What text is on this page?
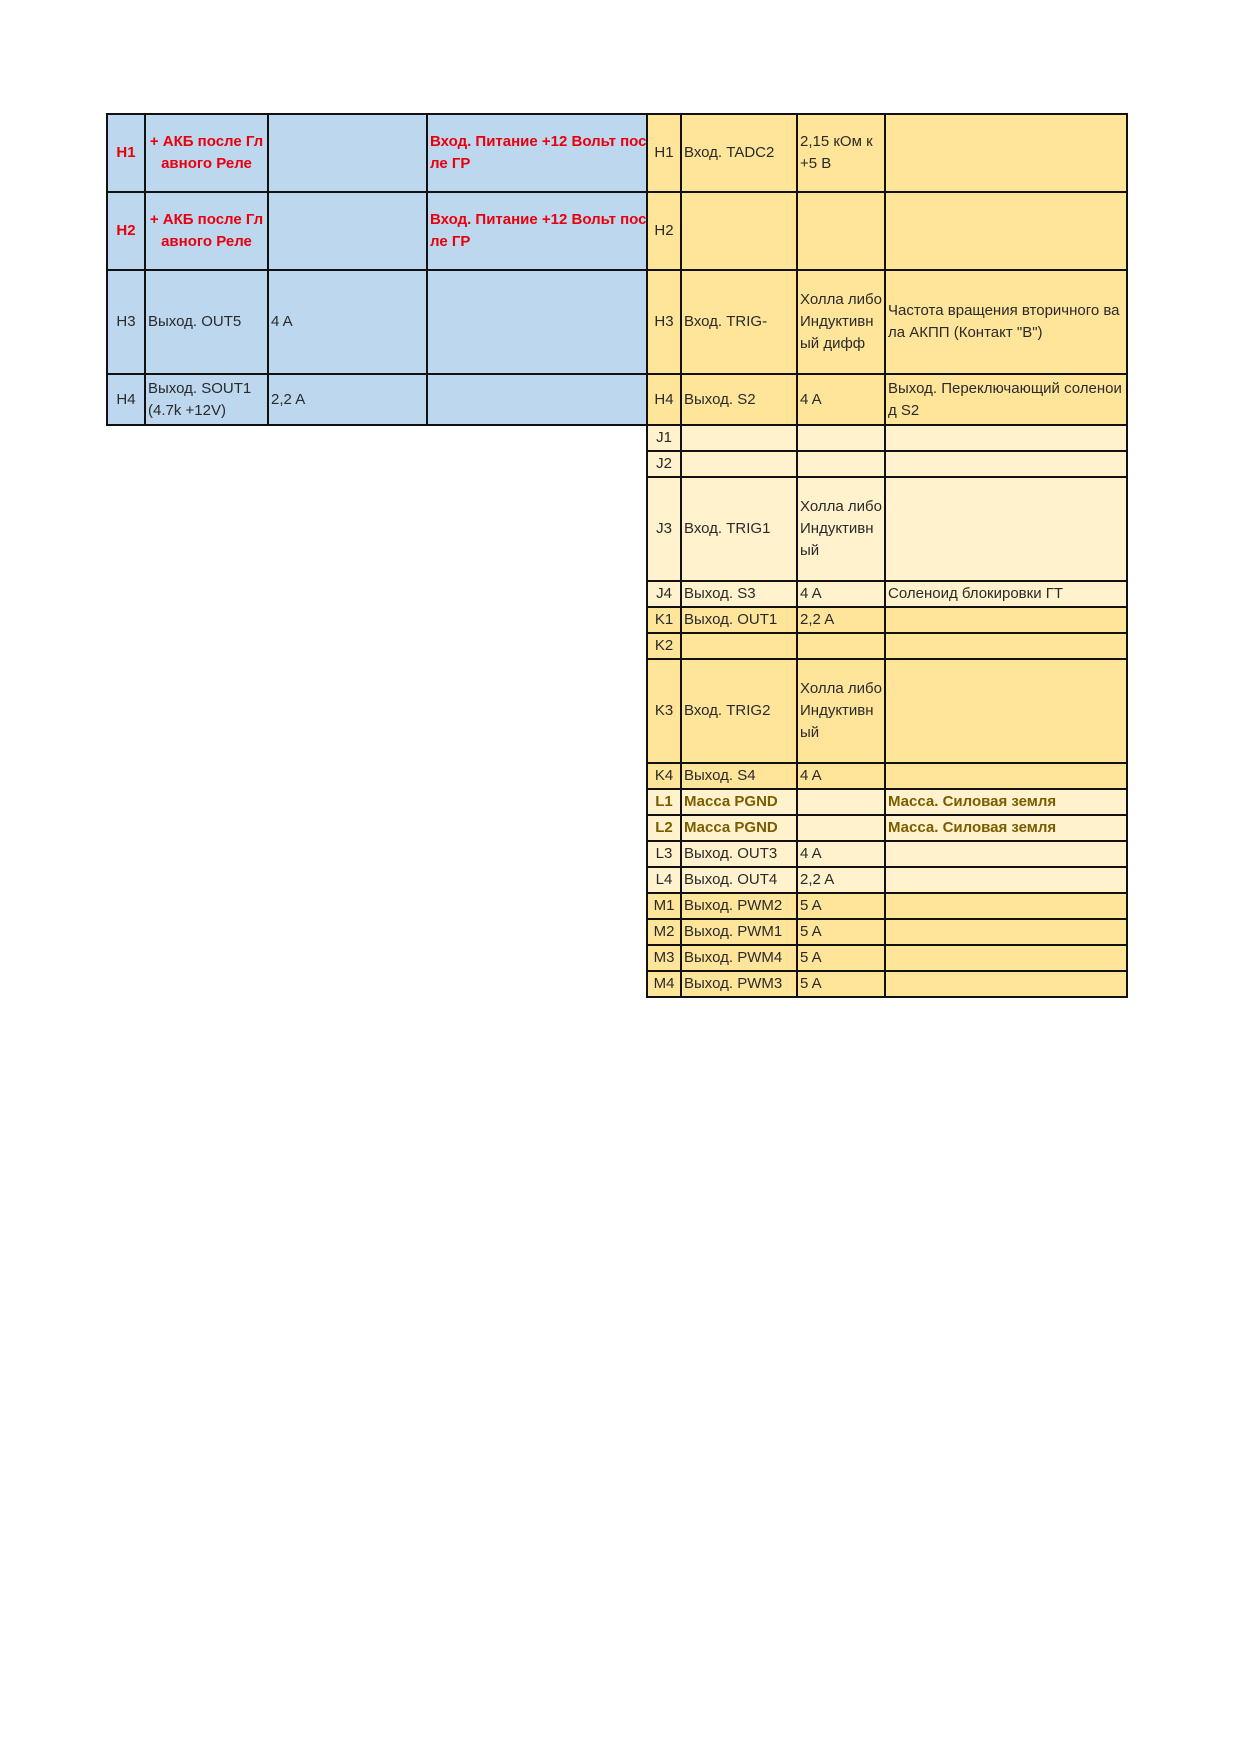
H1	+ АКБ после Главного Реле		Вход. Питание +12 Вольт после ГР
H2	+ АКБ после Главного Реле		Вход. Питание +12 Вольт после ГР
H3	Выход. OUT5	4 A	
H4	Выход. SOUT1 (4.7k +12V)	2,2 A	
H1	Вход. TADC2	2,15 кОм к +5 В	
H2			
H3	Вход. TRIG-	Холла либо Индуктивный дифф	Частота вращения вторичного вала АКПП (Контакт "B")
H4	Выход. S2	4 A	Выход. Переключающий соленоид S2
J1			
J2			
J3	Вход. TRIG1	Холла либо Индуктивный	
J4	Выход. S3	4 A	Соленоид блокировки ГТ
K1	Выход. OUT1	2,2 A	
K2			
K3	Вход. TRIG2	Холла либо Индуктивный	
K4	Выход. S4	4 A	
L1	Масса PGND		Масса. Силовая земля
L2	Масса PGND		Масса. Силовая земля
L3	Выход. OUT3	4 A	
L4	Выход. OUT4	2,2 A	
M1	Выход. PWM2	5 A	
M2	Выход. PWM1	5 A	
M3	Выход. PWM4	5 A	
M4	Выход. PWM3	5 A	
